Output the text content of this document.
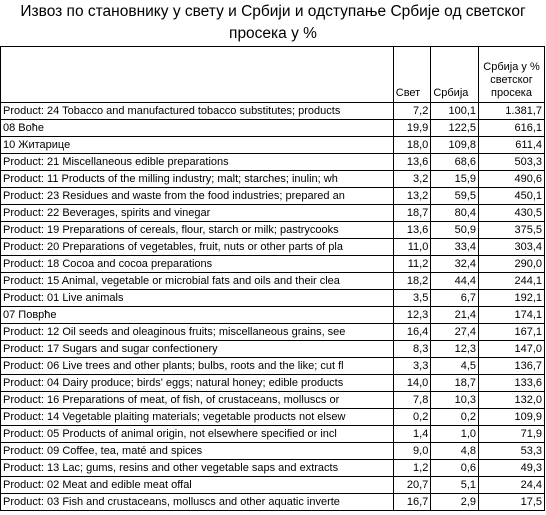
Извоз по становнику у свету и Србији и одступање Србије од светског просека у %
	Свет	Србија	Србија у % светског просека
Product: 24 Tobacco and manufactured tobacco substitutes; products	7,2	100,1	1.381,7
08 Воће	19,9	122,5	616,1
10 Житарице	18,0	109,8	611,4
Product: 21 Miscellaneous edible preparations	13,6	68,6	503,3
Product: 11 Products of the milling industry; malt; starches; inulin; wh	3,2	15,9	490,6
Product: 23 Residues and waste from the food industries; prepared an	13,2	59,5	450,1
Product: 22 Beverages, spirits and vinegar	18,7	80,4	430,5
Product: 19 Preparations of cereals, flour, starch or milk; pastrycooks	13,6	50,9	375,5
Product: 20 Preparations of vegetables, fruit, nuts or other parts of pla	11,0	33,4	303,4
Product: 18 Cocoa and cocoa preparations	11,2	32,4	290,0
Product: 15 Animal, vegetable or microbial fats and oils and their clea	18,2	44,4	244,1
Product: 01 Live animals	3,5	6,7	192,1
07 Поврће	12,3	21,4	174,1
Product: 12 Oil seeds and oleaginous fruits; miscellaneous grains, see	16,4	27,4	167,1
Product: 17 Sugars and sugar confectionery	8,3	12,3	147,0
Product: 06 Live trees and other plants; bulbs, roots and the like; cut fl	3,3	4,5	136,7
Product: 04 Dairy produce; birds' eggs; natural honey; edible products	14,0	18,7	133,6
Product: 16 Preparations of meat, of fish, of crustaceans, molluscs or	7,8	10,3	132,0
Product: 14 Vegetable plaiting materials; vegetable products not elsew	0,2	0,2	109,9
Product: 05 Products of animal origin, not elsewhere specified or incl	1,4	1,0	71,9
Product: 09 Coffee, tea, maté and spices	9,0	4,8	53,3
Product: 13 Lac; gums, resins and other vegetable saps and extracts	1,2	0,6	49,3
Product: 02 Meat and edible meat offal	20,7	5,1	24,4
Product: 03 Fish and crustaceans, molluscs and other aquatic inverte	16,7	2,9	17,5
